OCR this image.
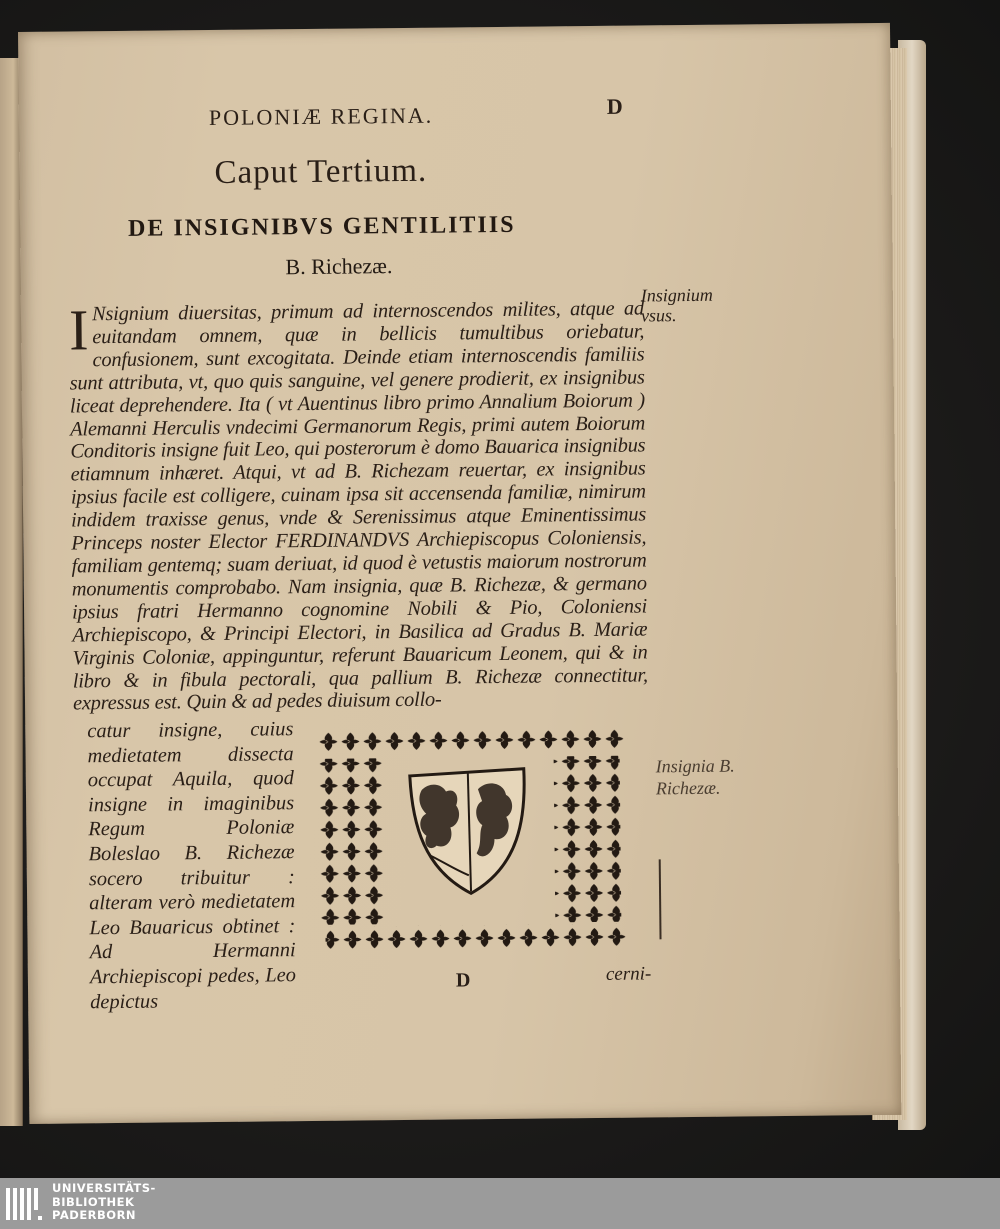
POLONIÆ REGINA.	D
Caput Tertium.
DE INSIGNIBVS GENTILITIIS
B. Richezæ.
I Nsignium diuersitas, primum ad internoscendos milites, atque ad euitandam omnem, quæ in bellicis tumultibus oriebatur, confusionem, sunt excogitata. Deinde etiam internoscendis familiis sunt attributa, vt, quo quis sanguine, vel genere prodierit, ex insignibus liceat deprehendere. Ita ( vt Auentinus libro primo Annalium Boiorum ) Alemanni Herculis vndecimi Germanorum Regis, primi autem Boiorum Conditoris insigne fuit Leo, qui posterorum è domo Bauarica insignibus etiamnum inhæret. Atqui, vt ad B. Richezam reuertar, ex insignibus ipsius facile est colligere, cuinam ipsa sit accensenda familiæ, nimirum indidem traxisse genus, vnde & Serenissimus atque Eminentissimus Princeps noster Elector FERDINANDVS Archiepiscopus Coloniensis, familiam gentemq; suam deriuat, id quod è vetustis maiorum nostrorum monumentis comprobabo. Nam insignia, quæ B. Richezæ, & germano ipsius fratri Hermanno cognomine Nobili & Pio, Coloniensi Archiepiscopo, & Principi Electori, in Basilica ad Gradus B. Mariæ Virginis Coloniæ, appinguntur, referunt Bauaricum Leonem, qui & in libro & in fibula pectorali, qua pallium B. Richezæ connectitur, expressus est. Quin & ad pedes diuisum collo-
Insignium vsus.
catur insigne, cuius medietatem dissecta occupat Aquila, quod insigne in imaginibus Regum Poloniæ Boleslao B. Richezæ socero tribuitur : alteram verò medietatem Leo Bauaricus obtinet : Ad Hermanni Archiepiscopi pedes, Leo depictus
Insignia B. Richezæ.
D	cerni-
UNIVERSITÄTS-
BIBLIOTHEK
PADERBORN
